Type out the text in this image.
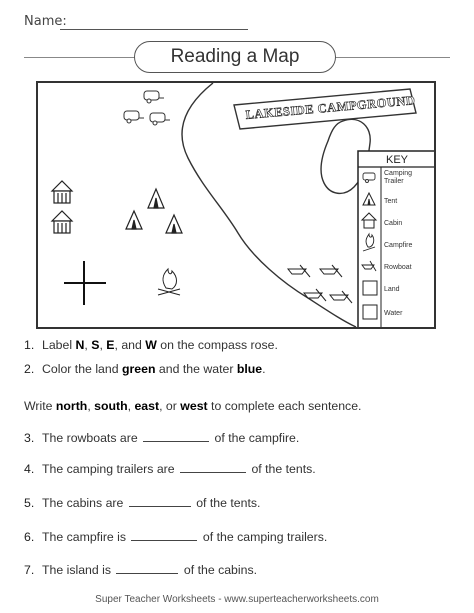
Name:
Reading a Map
LAKESIDE CAMPGROUND
KEY
Camping Trailer
Tent
Cabin
Campfire
Rowboat
Land
Water
1. Label N, S, E, and W on the compass rose.
2. Color the land green and the water blue.
Write north, south, east, or west to complete each sentence.
3. The rowboats are	of the campfire.
4. The camping trailers are	of the tents.
5. The cabins are	of the tents.
6. The campfire is	of the camping trailers.
7. The island is	of the cabins.
Super Teacher Worksheets - www.superteacherworksheets.com
